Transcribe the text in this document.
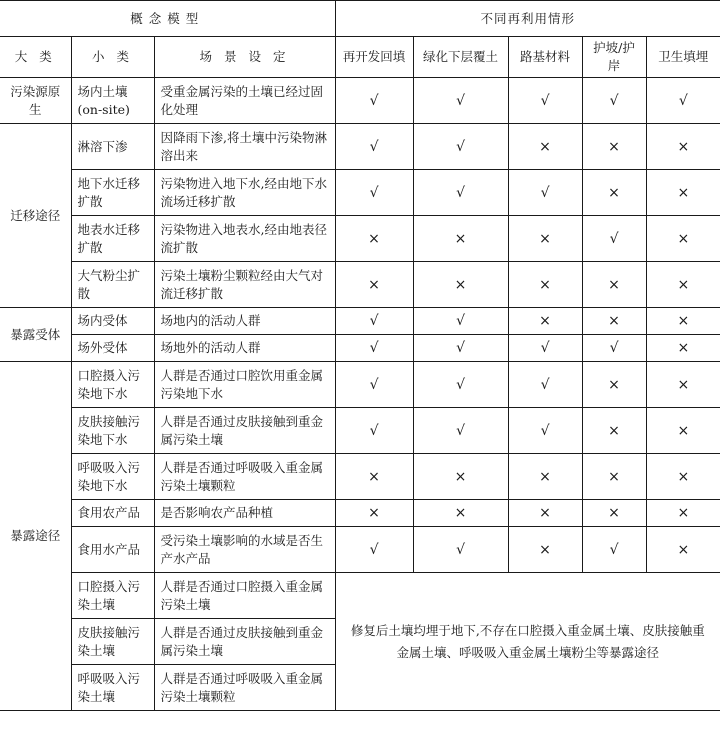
概念模型			不同再利用情形				
大类	小类	场景设定	再开发回填	绿化下层覆土	路基材料	护坡/护岸	卫生填埋
污染源原生	场内土壤(on-site)	受重金属污染的土壤已经过固化处理	√	√	√	√	√
迁移途径	淋溶下渗	因降雨下渗,将土壤中污染物淋溶出来	√	√	×	×	×
	地下水迁移扩散	污染物进入地下水,经由地下水流场迁移扩散	√	√	√	×	×
	地表水迁移扩散	污染物进入地表水,经由地表径流扩散	×	×	×	√	×
	大气粉尘扩散	污染土壤粉尘颗粒经由大气对流迁移扩散	×	×	×	×	×
暴露受体	场内受体	场地内的活动人群	√	√	×	×	×
	场外受体	场地外的活动人群	√	√	√	√	×
暴露途径	口腔摄入污染地下水	人群是否通过口腔饮用重金属污染地下水	√	√	√	×	×
	皮肤接触污染地下水	人群是否通过皮肤接触到重金属污染土壤	√	√	√	×	×
	呼吸吸入污染地下水	人群是否通过呼吸吸入重金属污染土壤颗粒	×	×	×	×	×
	食用农产品	是否影响农产品种植	×	×	×	×	×
	食用水产品	受污染土壤影响的水域是否生产水产品	√	√	×	√	×
	口腔摄入污染土壤	人群是否通过口腔摄入重金属污染土壤	修复后土壤均埋于地下,不存在口腔摄入重金属土壤、皮肤接触重金属土壤、呼吸吸入重金属土壤粉尘等暴露途径				
	皮肤接触污染土壤	人群是否通过皮肤接触到重金属污染土壤					
	呼吸吸入污染土壤	人群是否通过呼吸吸入重金属污染土壤颗粒					
